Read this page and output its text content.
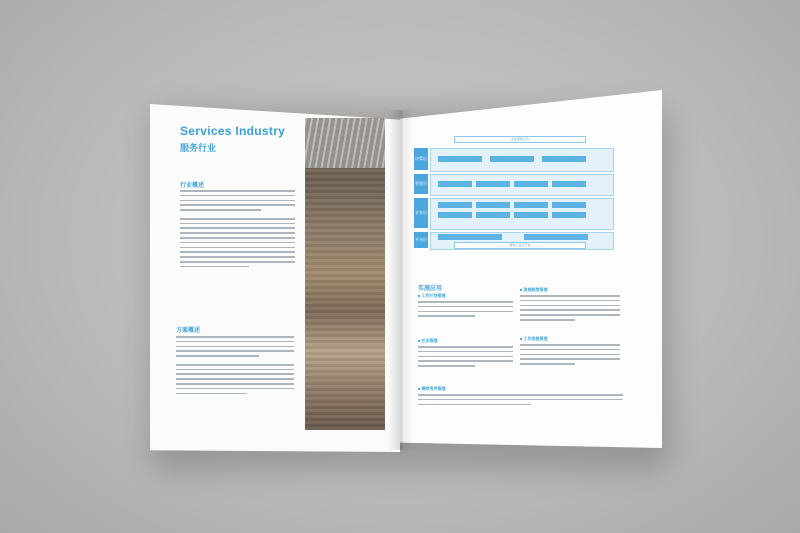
Services Industry
服务行业
行业概述
方案概述
企业流程平台
决策层
管理层
业务层
平台层
移动工业云平台
实施应用
■ 工作计划管理
■ 流程制度管理
■ 任务管理
■	工作流程管理
■ 绩效考评管理
